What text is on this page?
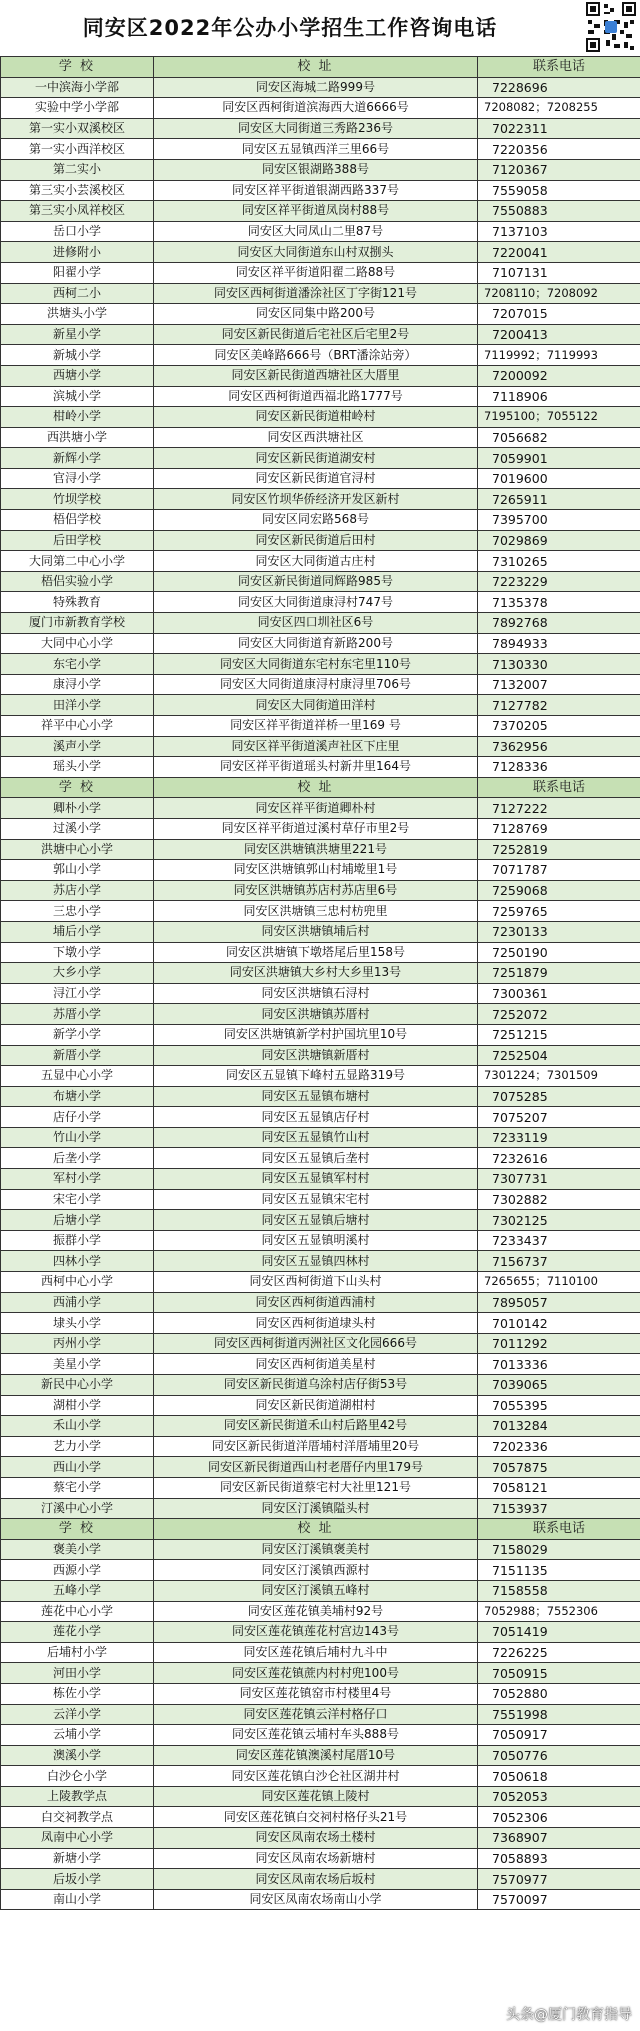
同安区2022年公办小学招生工作咨询电话
学 校	校 址	联系电话
一中滨海小学部	同安区海城二路999号	7228696
实验中学小学部	同安区西柯街道滨海西大道6666号	7208082；7208255
第一实小双溪校区	同安区大同街道三秀路236号	7022311
第一实小西洋校区	同安区五显镇西洋三里66号	7220356
第二实小	同安区银湖路388号	7120367
第三实小芸溪校区	同安区祥平街道银湖西路337号	7559058
第三实小凤祥校区	同安区祥平街道凤岗村88号	7550883
岳口小学	同安区大同凤山二里87号	7137103
进修附小	同安区大同街道东山村双捌头	7220041
阳翟小学	同安区祥平街道阳翟二路88号	7107131
西柯二小	同安区西柯街道潘涂社区丁字街121号	7208110；7208092
洪塘头小学	同安区同集中路200号	7207015
新星小学	同安区新民街道后宅社区后宅里2号	7200413
新城小学	同安区美峰路666号（BRT潘涂站旁）	7119992；7119993
西塘小学	同安区新民街道西塘社区大厝里	7200092
滨城小学	同安区西柯街道西福北路1777号	7118906
柑岭小学	同安区新民街道柑岭村	7195100；7055122
西洪塘小学	同安区西洪塘社区	7056682
新辉小学	同安区新民街道湖安村	7059901
官浔小学	同安区新民街道官浔村	7019600
竹坝学校	同安区竹坝华侨经济开发区新村	7265911
梧侣学校	同安区同宏路568号	7395700
后田学校	同安区新民街道后田村	7029869
大同第二中心小学	同安区大同街道古庄村	7310265
梧侣实验小学	同安区新民街道同辉路985号	7223229
特殊教育	同安区大同街道康浔村747号	7135378
厦门市新教育学校	同安区四口圳社区6号	7892768
大同中心小学	同安区大同街道育新路200号	7894933
东宅小学	同安区大同街道东宅村东宅里110号	7130330
康浔小学	同安区大同街道康浔村康浔里706号	7132007
田洋小学	同安区大同街道田洋村	7127782
祥平中心小学	同安区祥平街道祥桥一里169 号	7370205
溪声小学	同安区祥平街道溪声社区下庄里	7362956
瑶头小学	同安区祥平街道瑶头村新井里164号	7128336
学 校	校 址	联系电话
卿朴小学	同安区祥平街道卿朴村	7127222
过溪小学	同安区祥平街道过溪村草仔市里2号	7128769
洪塘中心小学	同安区洪塘镇洪塘里221号	7252819
郭山小学	同安区洪塘镇郭山村埔墘里1号	7071787
苏店小学	同安区洪塘镇苏店村苏店里6号	7259068
三忠小学	同安区洪塘镇三忠村枋兜里	7259765
埔后小学	同安区洪塘镇埔后村	7230133
下墩小学	同安区洪塘镇下墩塔尾后里158号	7250190
大乡小学	同安区洪塘镇大乡村大乡里13号	7251879
浔江小学	同安区洪塘镇石浔村	7300361
苏厝小学	同安区洪塘镇苏厝村	7252072
新学小学	同安区洪塘镇新学村护国坑里10号	7251215
新厝小学	同安区洪塘镇新厝村	7252504
五显中心小学	同安区五显镇下峰村五显路319号	7301224；7301509
布塘小学	同安区五显镇布塘村	7075285
店仔小学	同安区五显镇店仔村	7075207
竹山小学	同安区五显镇竹山村	7233119
后垄小学	同安区五显镇后垄村	7232616
军村小学	同安区五显镇军村村	7307731
宋宅小学	同安区五显镇宋宅村	7302882
后塘小学	同安区五显镇后塘村	7302125
振群小学	同安区五显镇明溪村	7233437
四林小学	同安区五显镇四林村	7156737
西柯中心小学	同安区西柯街道下山头村	7265655；7110100
西浦小学	同安区西柯街道西浦村	7895057
埭头小学	同安区西柯街道埭头村	7010142
丙州小学	同安区西柯街道丙洲社区文化园666号	7011292
美星小学	同安区西柯街道美星村	7013336
新民中心小学	同安区新民街道乌涂村店仔街53号	7039065
湖柑小学	同安区新民街道湖柑村	7055395
禾山小学	同安区新民街道禾山村后路里42号	7013284
艺力小学	同安区新民街道洋厝埔村洋厝埔里20号	7202336
西山小学	同安区新民街道西山村老厝仔内里179号	7057875
蔡宅小学	同安区新民街道蔡宅村大社里121号	7058121
汀溪中心小学	同安区汀溪镇隘头村	7153937
学 校	校 址	联系电话
褒美小学	同安区汀溪镇褒美村	7158029
西源小学	同安区汀溪镇西源村	7151135
五峰小学	同安区汀溪镇五峰村	7158558
莲花中心小学	同安区莲花镇美埔村92号	7052988；7552306
莲花小学	同安区莲花镇莲花村宫边143号	7051419
后埔村小学	同安区莲花镇后埔村九斗中	7226225
河田小学	同安区莲花镇蔗内村村兜100号	7050915
栋佐小学	同安区莲花镇窑市村楼里4号	7052880
云洋小学	同安区莲花镇云洋村格仔口	7551998
云埔小学	同安区莲花镇云埔村车头888号	7050917
澳溪小学	同安区莲花镇澳溪村尾厝10号	7050776
白沙仑小学	同安区莲花镇白沙仑社区湖井村	7050618
上陵教学点	同安区莲花镇上陵村	7052053
白交祠教学点	同安区莲花镇白交祠村格仔头21号	7052306
凤南中心小学	同安区凤南农场土楼村	7368907
新塘小学	同安区凤南农场新塘村	7058893
后坂小学	同安区凤南农场后坂村	7570977
南山小学	同安区凤南农场南山小学	7570097
头条@厦门教育指导
